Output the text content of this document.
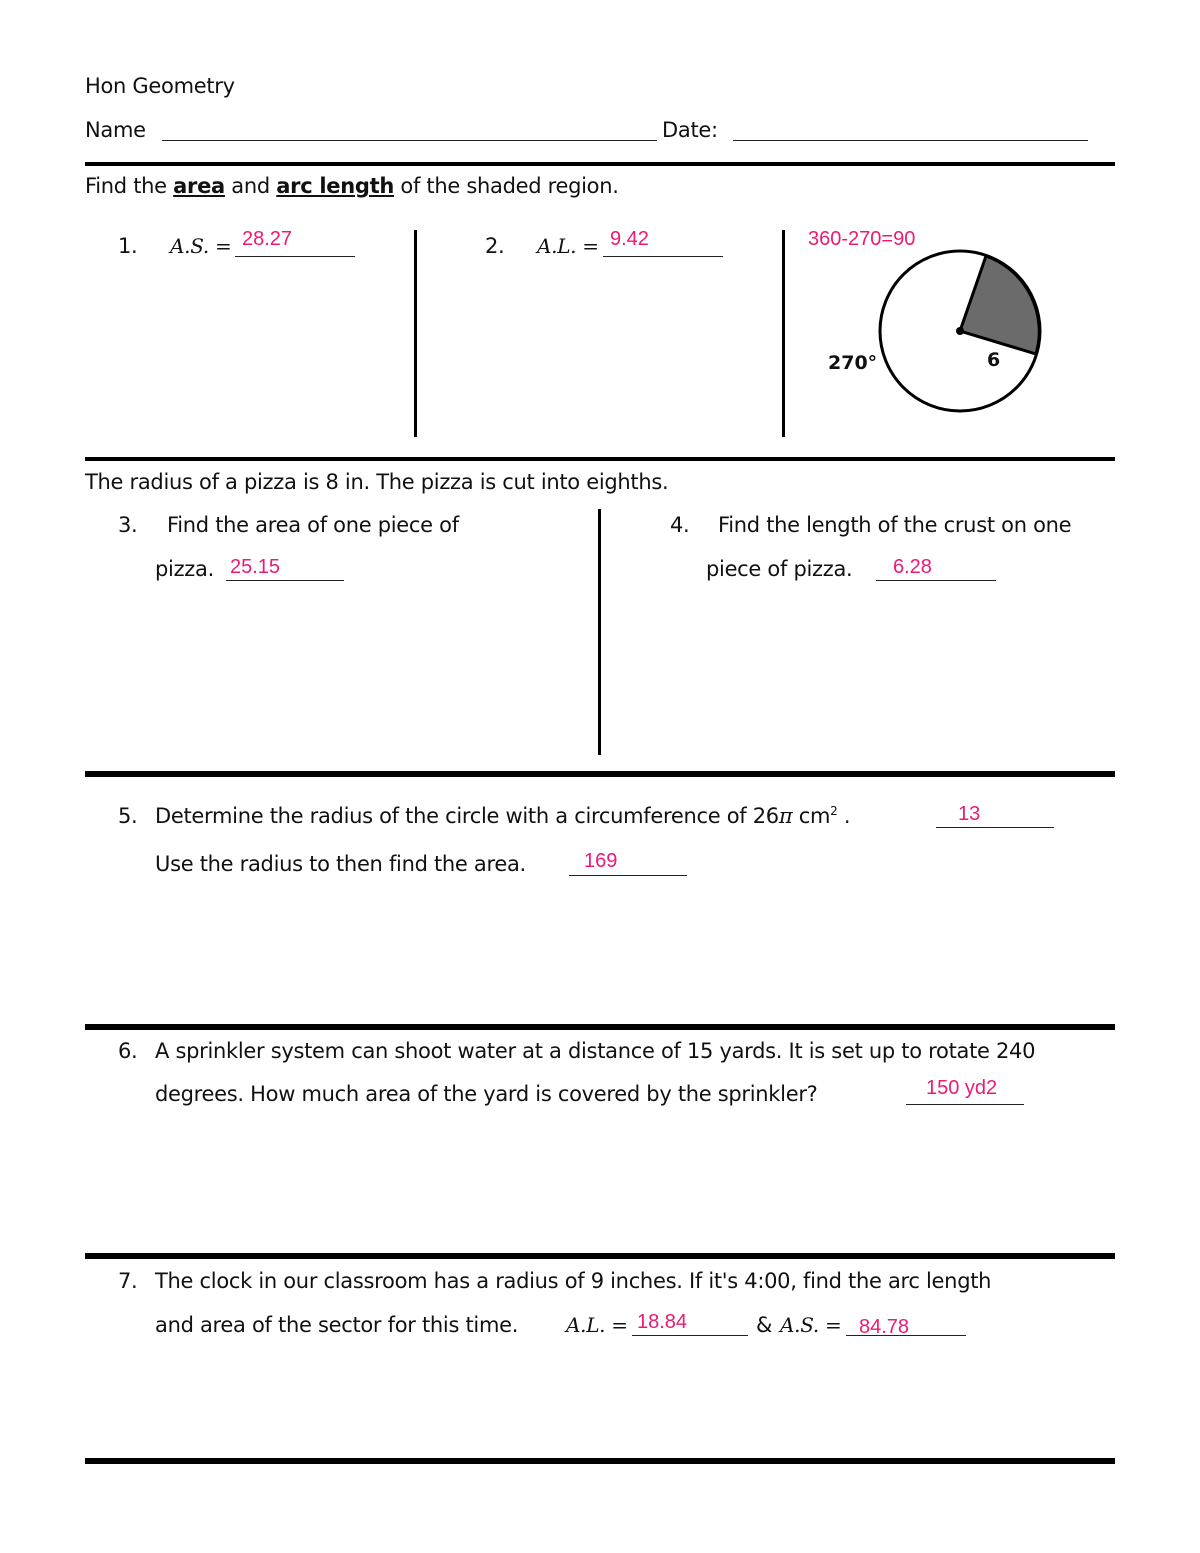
Hon Geometry
Name	Date:
Find the area and arc length of the shaded region.
1. A.S. = 28.27	2. A.L. = 9.42	360-270=90
270°	6
The radius of a pizza is 8 in. The pizza is cut into eighths.
3. Find the area of one piece of
pizza. 25.15
4. Find the length of the crust on one
piece of pizza. 6.28
5. Determine the radius of the circle with a circumference of 26π $cm^2$ .	13
Use the radius to then find the area.	169
6. A sprinkler system can shoot water at a distance of 15 yards. It is set up to rotate 240
degrees. How much area of the yard is covered by the sprinkler?	150 yd2
7. The clock in our classroom has a radius of 9 inches. If it's 4:00, find the arc length
and area of the sector for this time. A.L. = 18.84	& A.S. = 84.78
